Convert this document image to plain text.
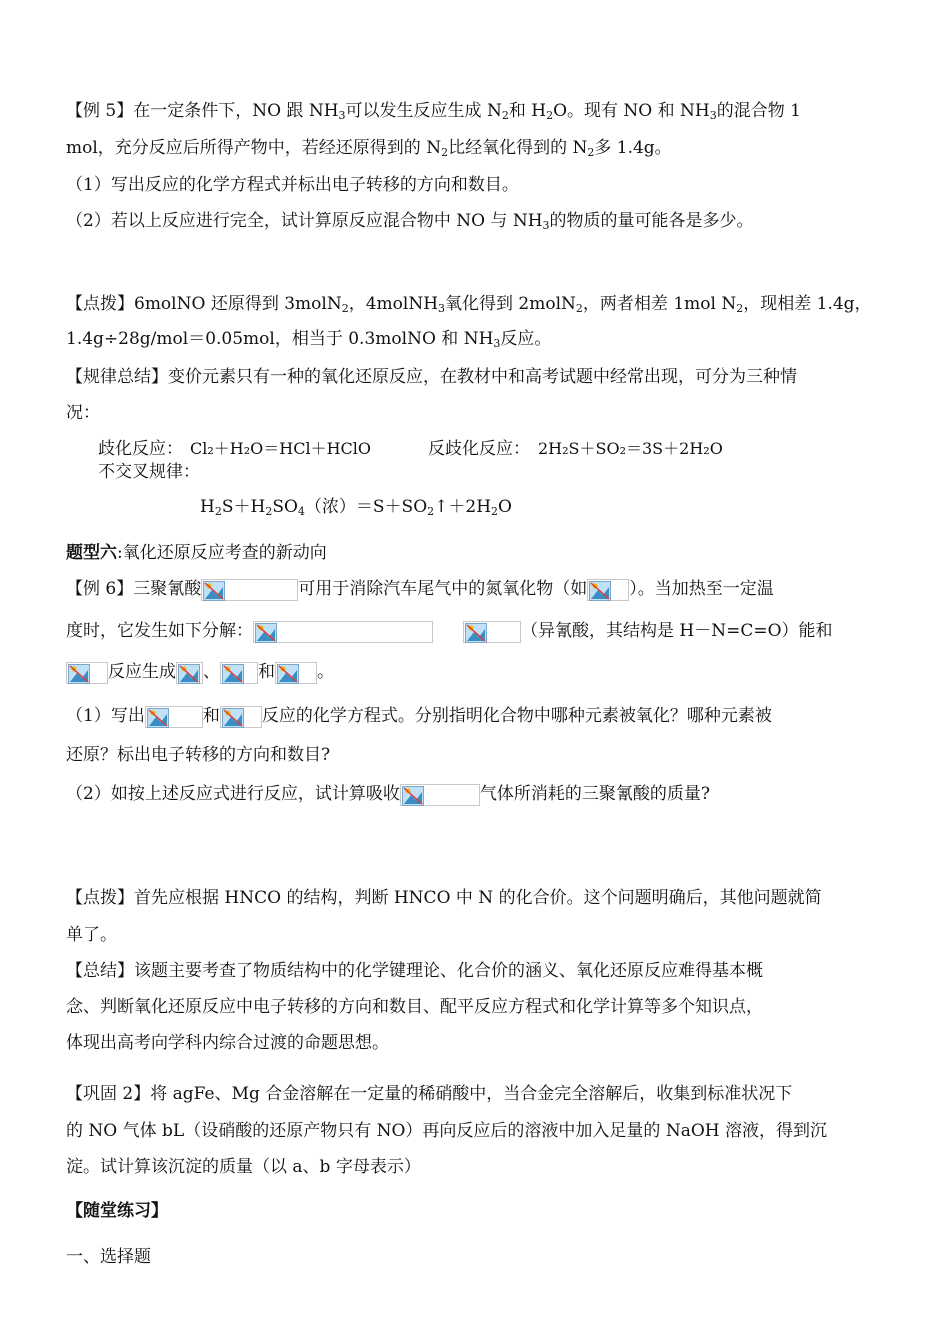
【例 5】在一定条件下，NO 跟 $NH_3$可以发生反应生成 $N_2$和 $H_2O$。现有 NO 和 $NH_3$的混合物 1
mol，充分反应后所得产物中，若经还原得到的 $N_2$比经氧化得到的 $N_2$多 1.4g。
（1）写出反应的化学方程式并标出电子转移的方向和数目。
（2）若以上反应进行完全，试计算原反应混合物中 NO 与 $NH_3$的物质的量可能各是多少。
【点拨】6molNO 还原得到 3molN$_2$，4molNH$_3$氧化得到 2molN$_2$，两者相差 1mol $N_2$，现相差 1.4g，
1.4g÷28g/mol＝0.05mol，相当于 0.3molNO 和 $NH_3$反应。
【规律总结】变价元素只有一种的氧化还原反应，在教材中和高考试题中经常出现，可分为三种情
况：
歧化反应： Cl₂＋H₂O＝HCl＋HClO	反歧化反应： 2H₂S＋SO₂＝3S＋2H₂O
不交叉规律：
$H_2S+H_2SO_4$（浓）$=S+SO_2↑+2H_2O$
题型六:氧化还原反应考查的新动向
【例 6】三聚氰酸	可用于消除汽车尾气中的氮氧化物（如 ）。当加热至一定温
度时，它发生如下分解：	（异氰酸，其结构是 H－N=C=O）能和
反应生成 、 和 。
（1）写出	和 反应的化学方程式。分别指明化合物中哪种元素被氧化？哪种元素被
还原？标出电子转移的方向和数目?
（2）如按上述反应式进行反应，试计算吸收	气体所消耗的三聚氰酸的质量?
【点拨】首先应根据 HNCO 的结构，判断 HNCO 中 N 的化合价。这个问题明确后，其他问题就简
单了。
【总结】该题主要考查了物质结构中的化学键理论、化合价的涵义、氧化还原反应难得基本概
念、判断氧化还原反应中电子转移的方向和数目、配平反应方程式和化学计算等多个知识点，
体现出高考向学科内综合过渡的命题思想。
【巩固 2】将 agFe、Mg 合金溶解在一定量的稀硝酸中，当合金完全溶解后，收集到标准状况下
的 NO 气体 bL（设硝酸的还原产物只有 NO）再向反应后的溶液中加入足量的 NaOH 溶液，得到沉
淀。试计算该沉淀的质量（以 a、b 字母表示）
【随堂练习】
一、选择题
